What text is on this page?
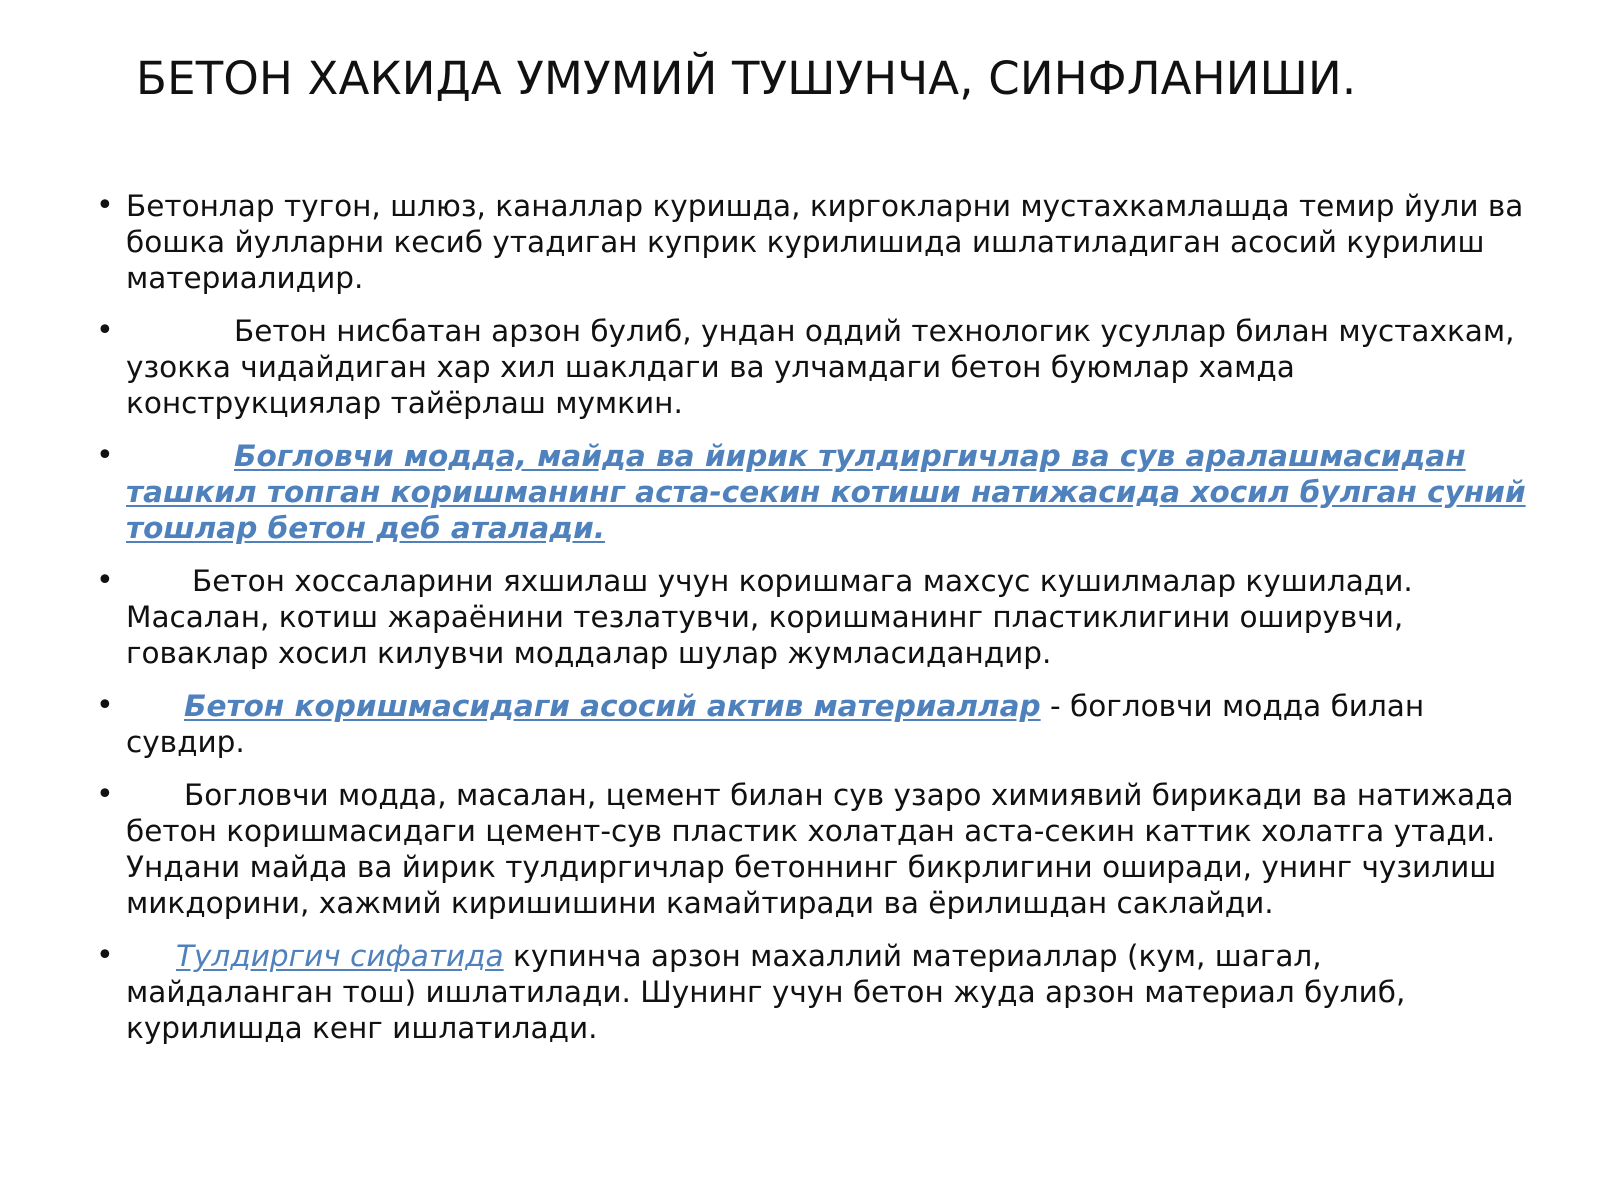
БЕТОН ХАКИДА УМУМИЙ ТУШУНЧА, СИНФЛАНИШИ.
• Бетонлар тугон, шлюз, каналлар куришда, киргокларни мустахкамлашда темир йули ва бошка йулларни кесиб утадиган куприк курилишида ишлатиладиган асосий курилиш материалидир.
•	Бетон нисбатан арзон булиб, ундан оддий технологик усуллар билан мустахкам, узокка чидайдиган хар хил шаклдаги ва улчамдаги бетон буюмлар хамда конструкциялар тайёрлаш мумкин.
•	Богловчи модда, майда ва йирик тулдиргичлар ва сув аралашмасидан ташкил топган коришманинг аста-секин котиши натижасида хосил булган суний тошлар бетон деб аталади.
•	Бетон хоссаларини яхшилаш учун коришмага махсус кушилмалар кушилади. Масалан, котиш жараёнини тезлатувчи, коришманинг пластиклигини оширувчи, говаклар хосил килувчи моддалар шулар жумласидандир.
• Бетон коришмасидаги асосий актив материаллар - богловчи модда билан сувдир.
• Богловчи модда, масалан, цемент билан сув узаро химиявий бирикади ва натижада бетон коришмасидаги цемент-сув пластик холатдан аста-секин каттик холатга утади. Ундани майда ва йирик тулдиргичлар бетоннинг бикрлигини оширади, унинг чузилиш микдорини, хажмий киришишини камайтиради ва ёрилишдан саклайди.
• Тулдиргич сифатида купинча арзон махаллий материаллар (кум, шагал, майдаланган тош) ишлатилади. Шунинг учун бетон жуда арзон материал булиб, курилишда кенг ишлатилади.
